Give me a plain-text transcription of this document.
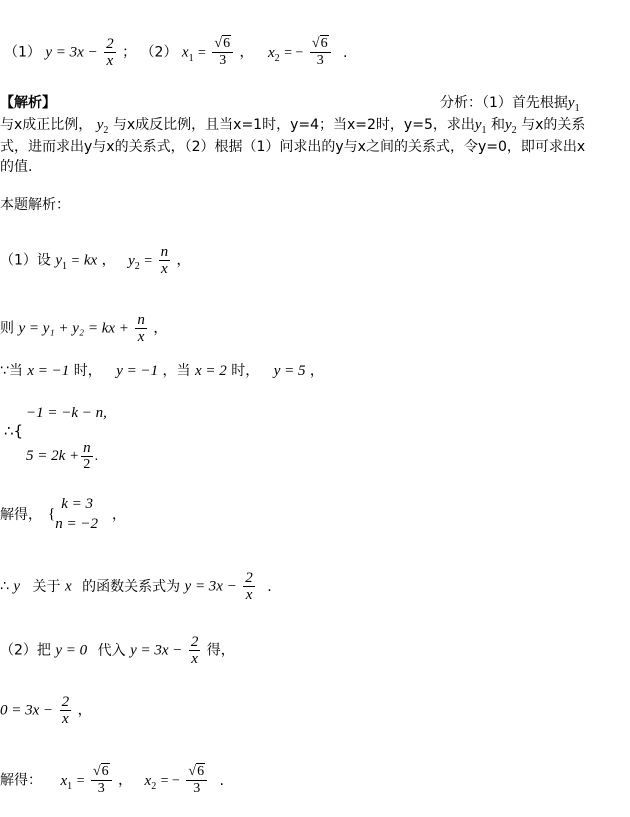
（1） $y = 3x - \frac{2}{x}$ ； （2） $x_1 = \frac{√6}{3}$ ， $x_2$ = − $\frac{√6}{3}$ .
【解析】	分析：（1）首先根据$y_1$
与x成正比例， $y_2$ 与x成反比例，且当x=1时，y=4；当x=2时，y=5，求出$y_1$ 和$y_2$ 与x的关系
式，进而求出y与x的关系式，（2）根据（1）问求出的y与x之间的关系式，令y=0，即可求出x
的值.
本题解析：
（1）设 $y_1$ = kx ， $y_2 = \frac{n}{x}$ ，
则 y = y₁ + y₂ = kx + $\frac{n}{x}$ ，
∵当 x = −1 时， y = −1 ，当 x = 2 时， y = 5 ，
−1 = −k − n,
∴{
$5 = 2k + \frac{n}{2}$ .
解得， {
k = 3
n = −2
，
∴ y 关于 x 的函数关系式为 $y = 3x - \frac{2}{x}$ .
（2）把 y = 0 代入 $y = 3x - \frac{2}{x}$ 得，
$0 = 3x - \frac{2}{x}$ ，
解得： $x_1 = \frac{√6}{3}$ ， $x_2$ = − $\frac{√6}{3}$ .
